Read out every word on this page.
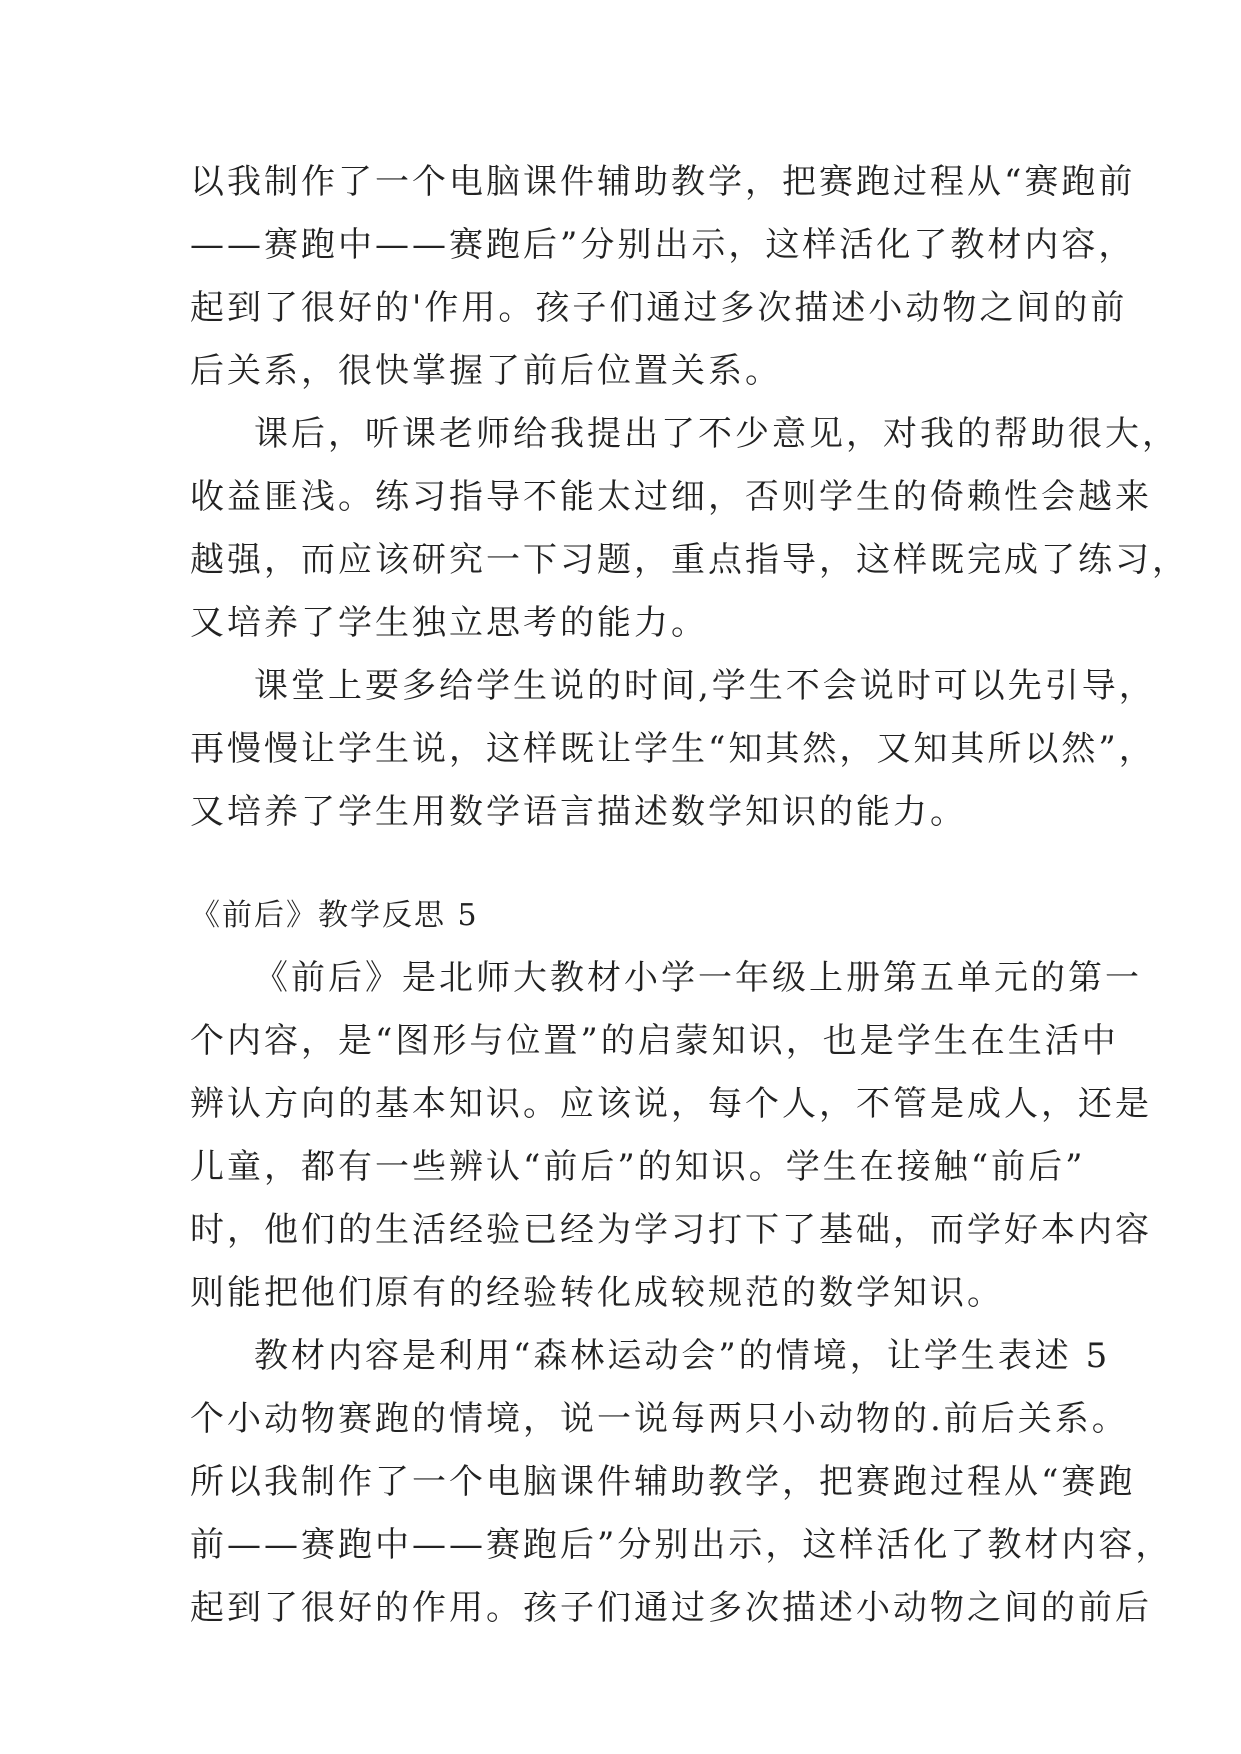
以我制作了一个电脑课件辅助教学，把赛跑过程从“赛跑前
——赛跑中——赛跑后”分别出示，这样活化了教材内容，
起到了很好的'作用。孩子们通过多次描述小动物之间的前
后关系，很快掌握了前后位置关系。
课后，听课老师给我提出了不少意见，对我的帮助很大，
收益匪浅。练习指导不能太过细，否则学生的倚赖性会越来
越强，而应该研究一下习题，重点指导，这样既完成了练习，
又培养了学生独立思考的能力。
课堂上要多给学生说的时间,学生不会说时可以先引导，
再慢慢让学生说，这样既让学生“知其然，又知其所以然”，
又培养了学生用数学语言描述数学知识的能力。
《前后》教学反思 5
《前后》是北师大教材小学一年级上册第五单元的第一
个内容，是“图形与位置”的启蒙知识，也是学生在生活中
辨认方向的基本知识。应该说，每个人，不管是成人，还是
儿童，都有一些辨认“前后”的知识。学生在接触“前后”
时，他们的生活经验已经为学习打下了基础，而学好本内容
则能把他们原有的经验转化成较规范的数学知识。
教材内容是利用“森林运动会”的情境，让学生表述 5
个小动物赛跑的情境，说一说每两只小动物的.前后关系。
所以我制作了一个电脑课件辅助教学，把赛跑过程从“赛跑
前——赛跑中——赛跑后”分别出示，这样活化了教材内容，
起到了很好的作用。孩子们通过多次描述小动物之间的前后
